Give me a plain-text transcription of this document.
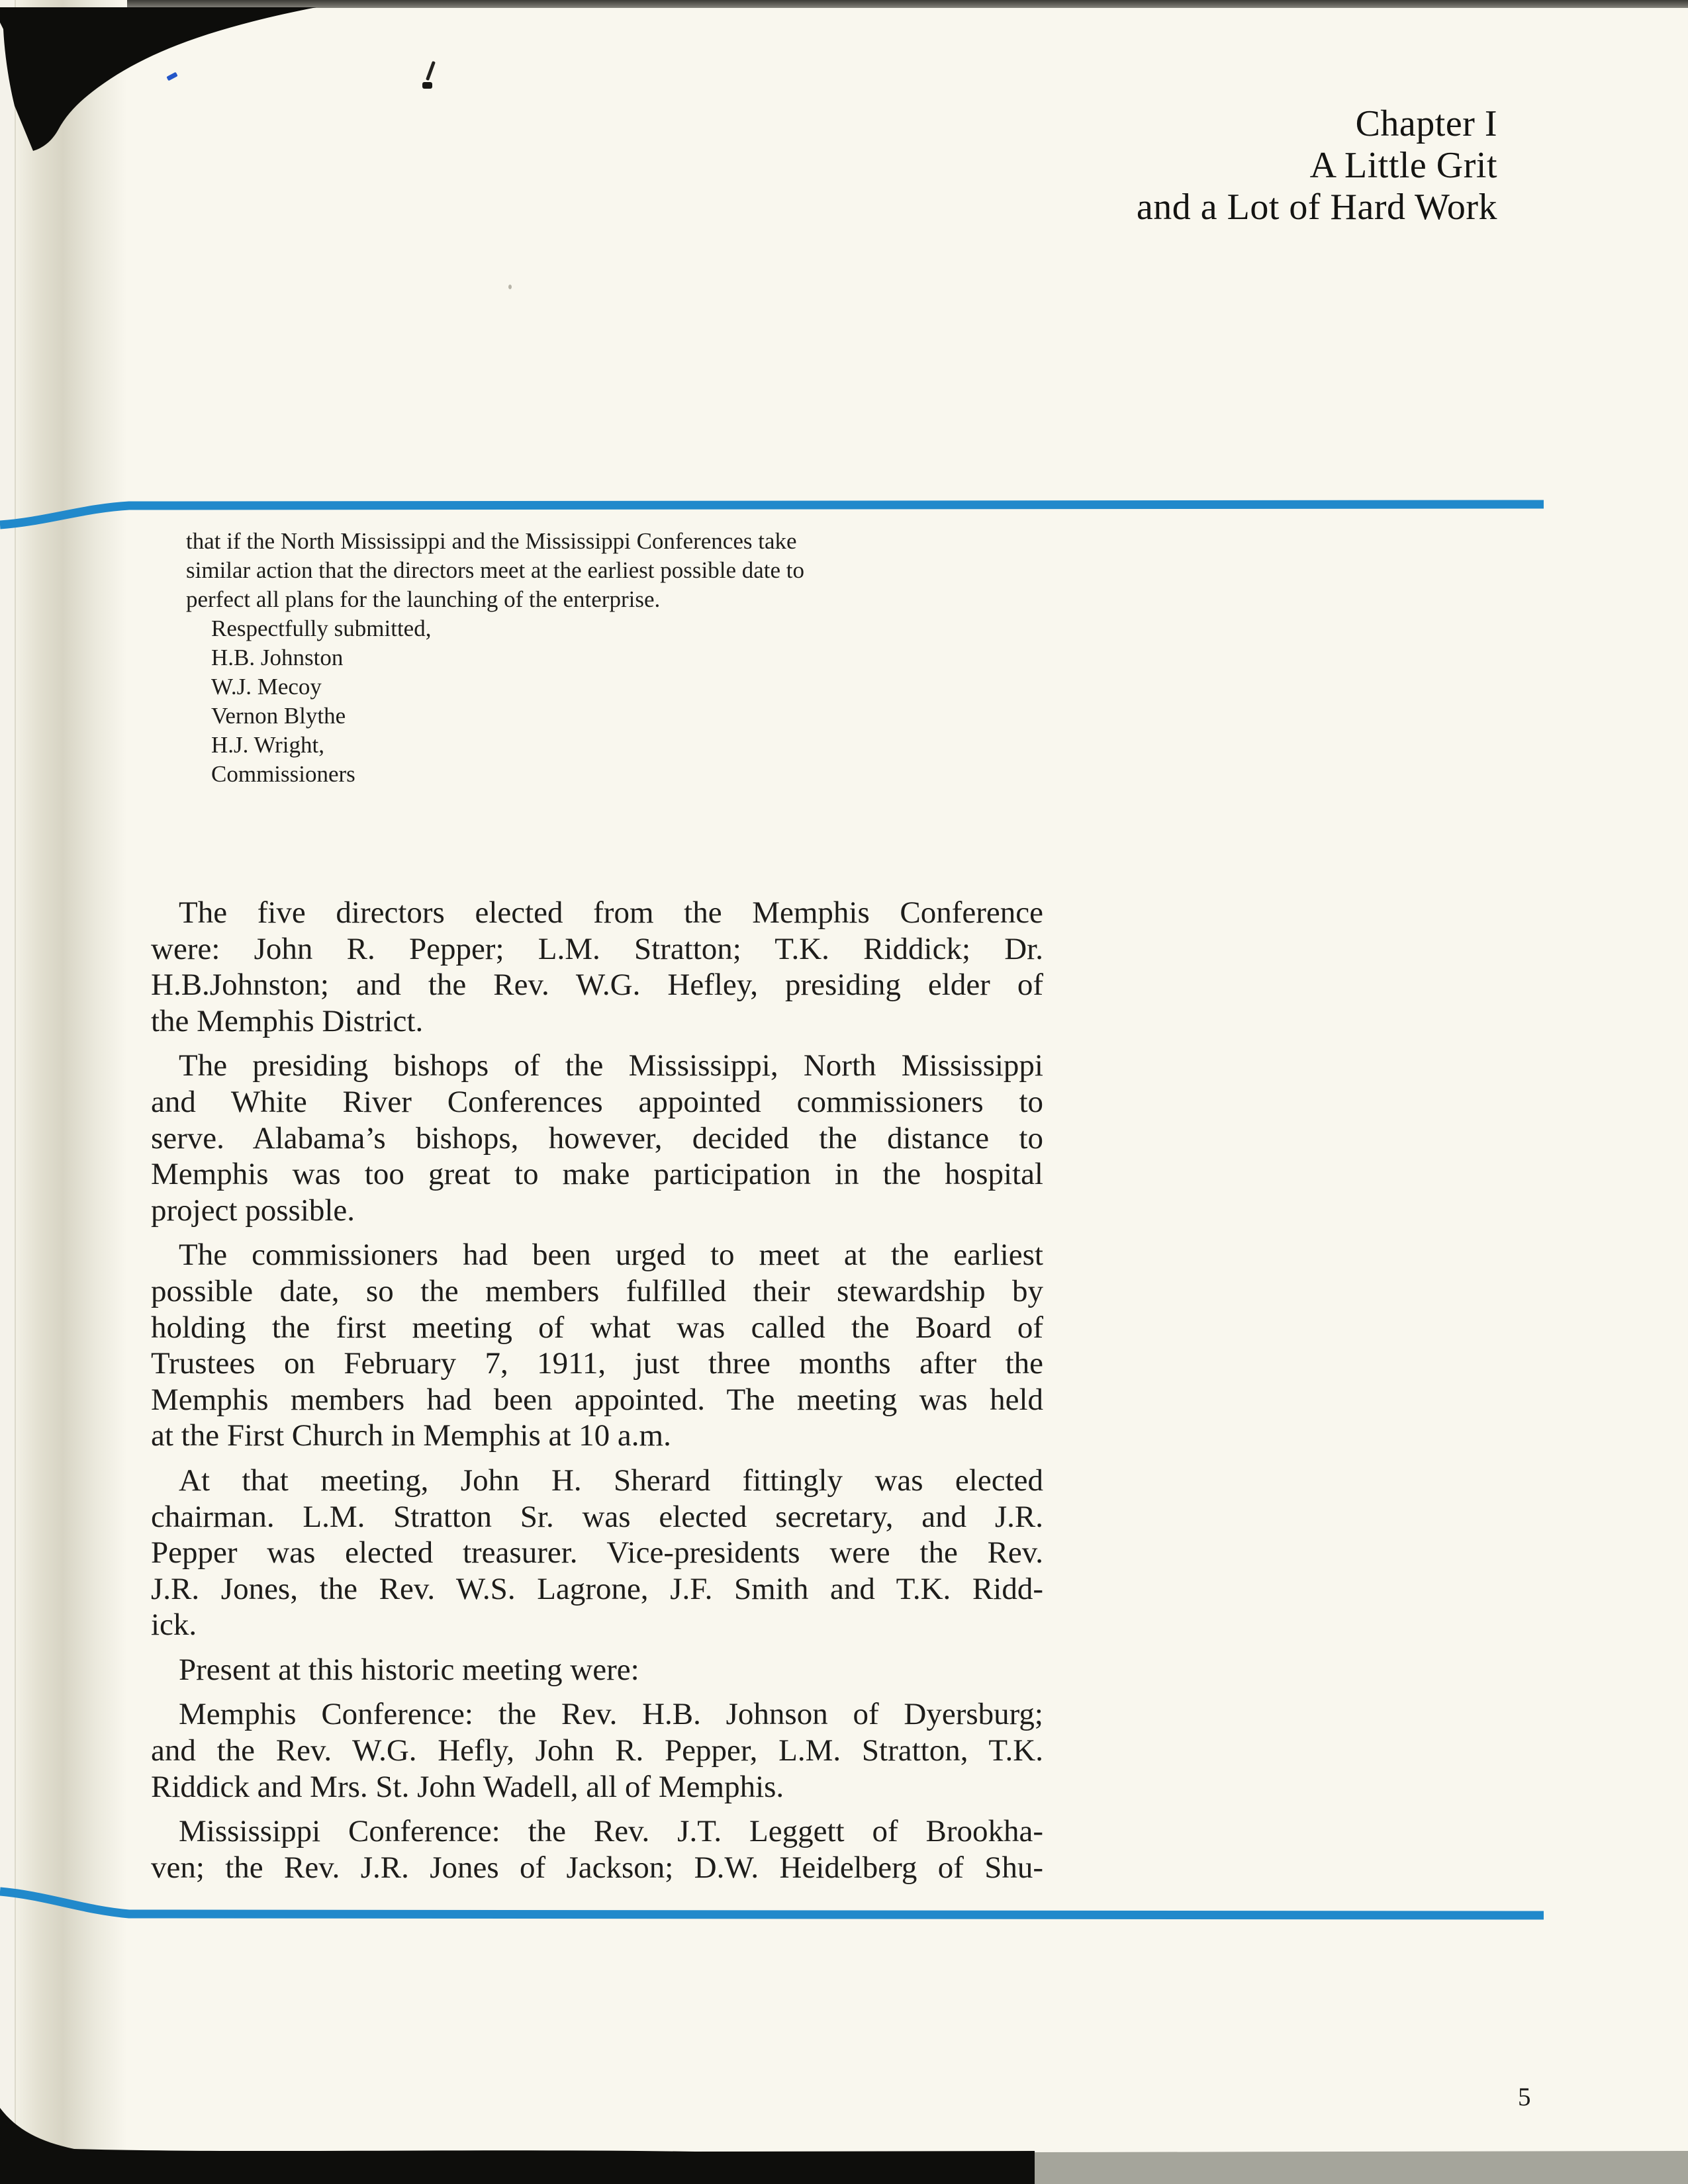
Chapter I
A Little Grit
and a Lot of Hard Work
that if the North Mississippi and the Mississippi Conferences take
similar action that the directors meet at the earliest possible date to
perfect all plans for the launching of the enterprise.
Respectfully submitted,
H.B. Johnston
W.J. Mecoy
Vernon Blythe
H.J. Wright,
Commissioners

The five directors elected from the Memphis Conference
were: John R. Pepper; L.M. Stratton; T.K. Riddick; Dr.
H.B.Johnston; and the Rev. W.G. Hefley, presiding elder of
the Memphis District.

The presiding bishops of the Mississippi, North Mississippi
and White River Conferences appointed commissioners to
serve. Alabama’s bishops, however, decided the distance to
Memphis was too great to make participation in the hospital
project possible.

The commissioners had been urged to meet at the earliest
possible date, so the members fulfilled their stewardship by
holding the first meeting of what was called the Board of
Trustees on February 7, 1911, just three months after the
Memphis members had been appointed. The meeting was held
at the First Church in Memphis at 10 a.m.

At that meeting, John H. Sherard fittingly was elected
chairman. L.M. Stratton Sr. was elected secretary, and J.R.
Pepper was elected treasurer. Vice-presidents were the Rev.
J.R. Jones, the Rev. W.S. Lagrone, J.F. Smith and T.K. Ridd-
ick.

Present at this historic meeting were:

Memphis Conference: the Rev. H.B. Johnson of Dyersburg;
and the Rev. W.G. Hefly, John R. Pepper, L.M. Stratton, T.K.
Riddick and Mrs. St. John Wadell, all of Memphis.

Mississippi Conference: the Rev. J.T. Leggett of Brookha-
ven; the Rev. J.R. Jones of Jackson; D.W. Heidelberg of Shu-

5
